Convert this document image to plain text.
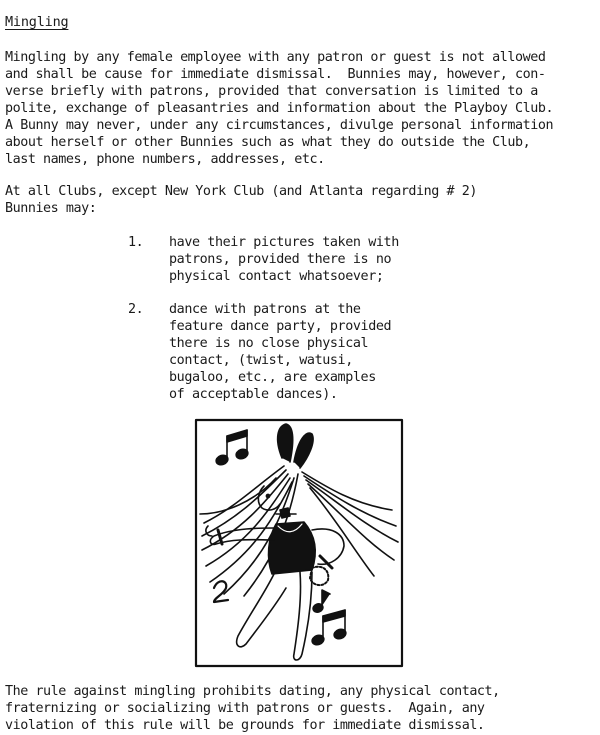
Mingling
Mingling by any female employee with any patron or guest is not allowed
and shall be cause for immediate dismissal.  Bunnies may, however, con-
verse briefly with patrons, provided that conversation is limited to a
polite, exchange of pleasantries and information about the Playboy Club.
A Bunny may never, under any circumstances, divulge personal information
about herself or other Bunnies such as what they do outside the Club,
last names, phone numbers, addresses, etc.
At all Clubs, except New York Club (and Atlanta regarding # 2)
Bunnies may:
1. have their pictures taken with
patrons, provided there is no
physical contact whatsoever;
2. dance with patrons at the
feature dance party, provided
there is no close physical
contact, (twist, watusi,
bugaloo, etc., are examples
of acceptable dances).
The rule against mingling prohibits dating, any physical contact,
fraternizing or socializing with patrons or guests.  Again, any
violation of this rule will be grounds for immediate dismissal.
